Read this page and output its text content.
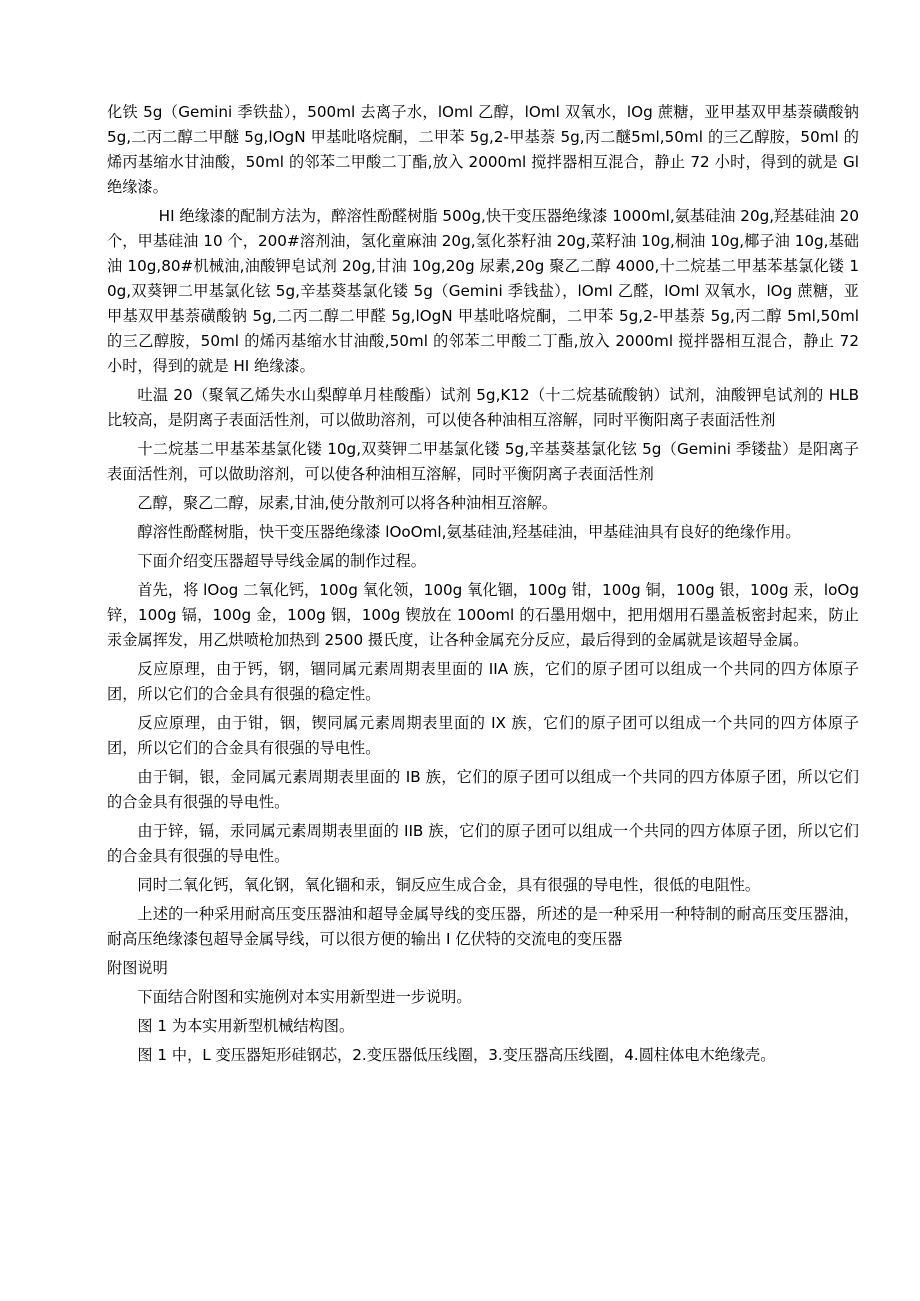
化铁 5g（Gemini 季铁盐），500ml 去离子水，lOml 乙醇，lOml 双氧水，lOg 蔗糖，亚甲基双甲基萘磺酸钠 5g,二丙二醇二甲醚 5g,lOgN 甲基吡咯烷酮，二甲苯 5g,2-甲基萘 5g,丙二醚5ml,50ml 的三乙醇胺，50ml 的烯丙基缩水甘油酸，50ml 的邻苯二甲酸二丁酯,放入 2000ml 搅拌器相互混合，静止 72 小时，得到的就是 Gl 绝缘漆。

HI 绝缘漆的配制方法为，醉溶性酚醛树脂 500g,快干变压器绝缘漆 1000ml,氨基硅油 20g,羟基硅油 20 个，甲基硅油 10 个，200#溶剂油，氢化童麻油 20g,氢化茶籽油 20g,菜籽油 10g,桐油 10g,椰子油 10g,基础油 10g,80#机械油,油酸钾皂试剂 20g,甘油 10g,20g 尿素,20g 聚乙二醇 4000,十二烷基二甲基苯基氯化镂 10g,双葵钾二甲基氯化铉 5g,辛基葵基氯化镂 5g（Gemini 季钱盐），lOml 乙醛，lOml 双氧水，lOg 蔗糖，亚甲基双甲基萘磺酸钠 5g,二丙二醇二甲醛 5g,lOgN 甲基吡咯烷酮，二甲苯 5g,2-甲基萘 5g,丙二醇 5ml,50ml 的三乙醇胺，50ml 的烯丙基缩水甘油酸,50ml 的邻苯二甲酸二丁酯,放入 2000ml 搅拌器相互混合，静止 72 小时，得到的就是 HI 绝缘漆。

吐温 20（聚氧乙烯失水山梨醇单月桂酸酯）试剂 5g,K12（十二烷基硫酸钠）试剂，油酸钾皂试剂的 HLB 比较高，是阴离子表面活性剂，可以做助溶剂，可以使各种油相互溶解，同时平衡阳离子表面活性剂

十二烷基二甲基苯基氯化镂 10g,双葵钾二甲基氯化镂 5g,辛基葵基氯化铉 5g（Gemini 季镂盐）是阳离子表面活性剂，可以做助溶剂，可以使各种油相互溶解，同时平衡阴离子表面活性剂

乙醇，聚乙二醇，尿素,甘油,使分散剂可以将各种油相互溶解。

醇溶性酚醛树脂，快干变压器绝缘漆 lOoOml,氨基硅油,羟基硅油，甲基硅油具有良好的绝缘作用。

下面介绍变压器超导导线金属的制作过程。

首先，将 lOog 二氧化钙，100g 氧化领，100g 氧化锢，100g 钳，100g 铜，100g 银，100g 汞，loOg 锌，100g 镉，100g 金，100g 铟，100g 锲放在 100oml 的石墨用烟中，把用烟用石墨盖板密封起来，防止汞金属挥发，用乙烘喷枪加热到 2500 摄氏度，让各种金属充分反应，最后得到的金属就是该超导金属。

反应原理，由于钙，钢，锢同属元素周期表里面的 IIA 族，它们的原子团可以组成一个共同的四方体原子团，所以它们的合金具有很强的稳定性。

反应原理，由于钳，铟，锲同属元素周期表里面的 IX 族，它们的原子团可以组成一个共同的四方体原子团，所以它们的合金具有很强的导电性。

由于铜，银，金同属元素周期表里面的 IB 族，它们的原子团可以组成一个共同的四方体原子团，所以它们的合金具有很强的导电性。

由于锌，镉，汞同属元素周期表里面的 IIB 族，它们的原子团可以组成一个共同的四方体原子团，所以它们的合金具有很强的导电性。

同时二氧化钙，氧化钢，氧化锢和汞，铜反应生成合金，具有很强的导电性，很低的电阻性。

上述的一种采用耐高压变压器油和超导金属导线的变压器，所述的是一种采用一种特制的耐高压变压器油，耐高压绝缘漆包超导金属导线，可以很方便的输出 I 亿伏特的交流电的变压器

附图说明

下面结合附图和实施例对本实用新型进一步说明。

图 1 为本实用新型机械结构图。

图 1 中，L 变压器矩形硅钢芯，2.变压器低压线圈，3.变压器高压线圈，4.圆柱体电木绝缘壳。
